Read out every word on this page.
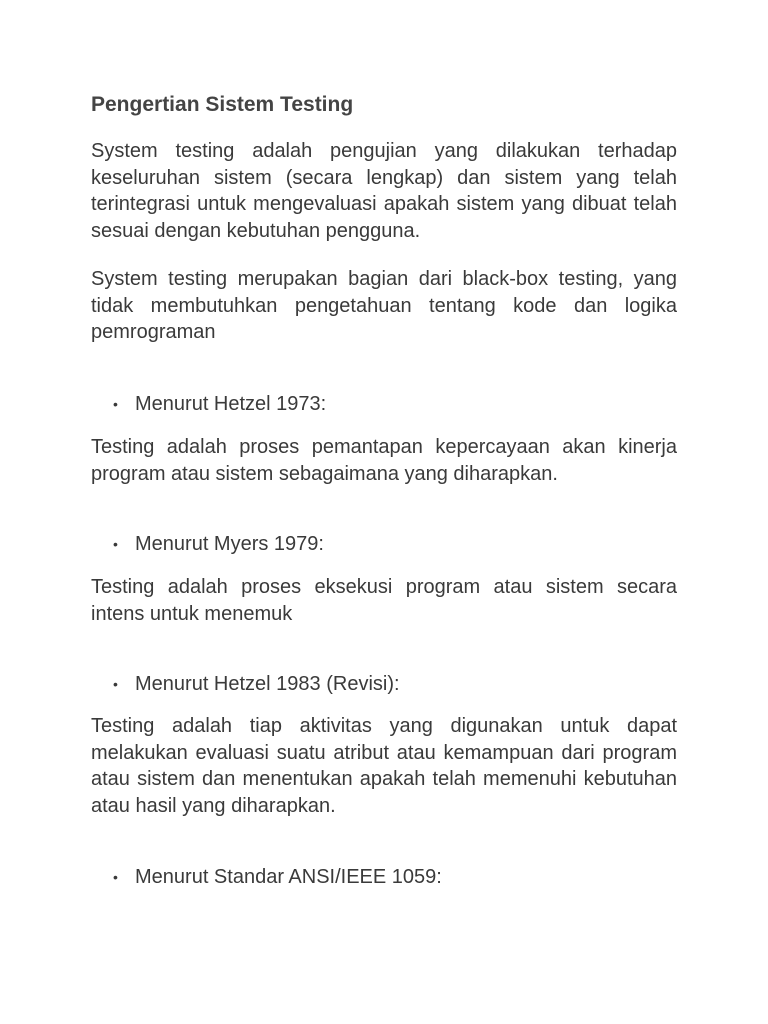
Pengertian Sistem Testing

System testing adalah pengujian yang dilakukan terhadap keseluruhan sistem (secara lengkap) dan sistem yang telah terintegrasi untuk mengevaluasi apakah sistem yang dibuat telah sesuai dengan kebutuhan pengguna.

System testing merupakan bagian dari black-box testing, yang tidak membutuhkan pengetahuan tentang kode dan logika pemrograman

• Menurut Hetzel 1973:

Testing adalah proses pemantapan kepercayaan akan kinerja program atau sistem sebagaimana yang diharapkan.

• Menurut Myers 1979:

Testing adalah proses eksekusi program atau sistem secara intens untuk menemuk

• Menurut Hetzel 1983 (Revisi):

Testing adalah tiap aktivitas yang digunakan untuk dapat melakukan evaluasi suatu atribut atau kemampuan dari program atau sistem dan menentukan apakah telah memenuhi kebutuhan atau hasil yang diharapkan.

• Menurut Standar ANSI/IEEE 1059:
